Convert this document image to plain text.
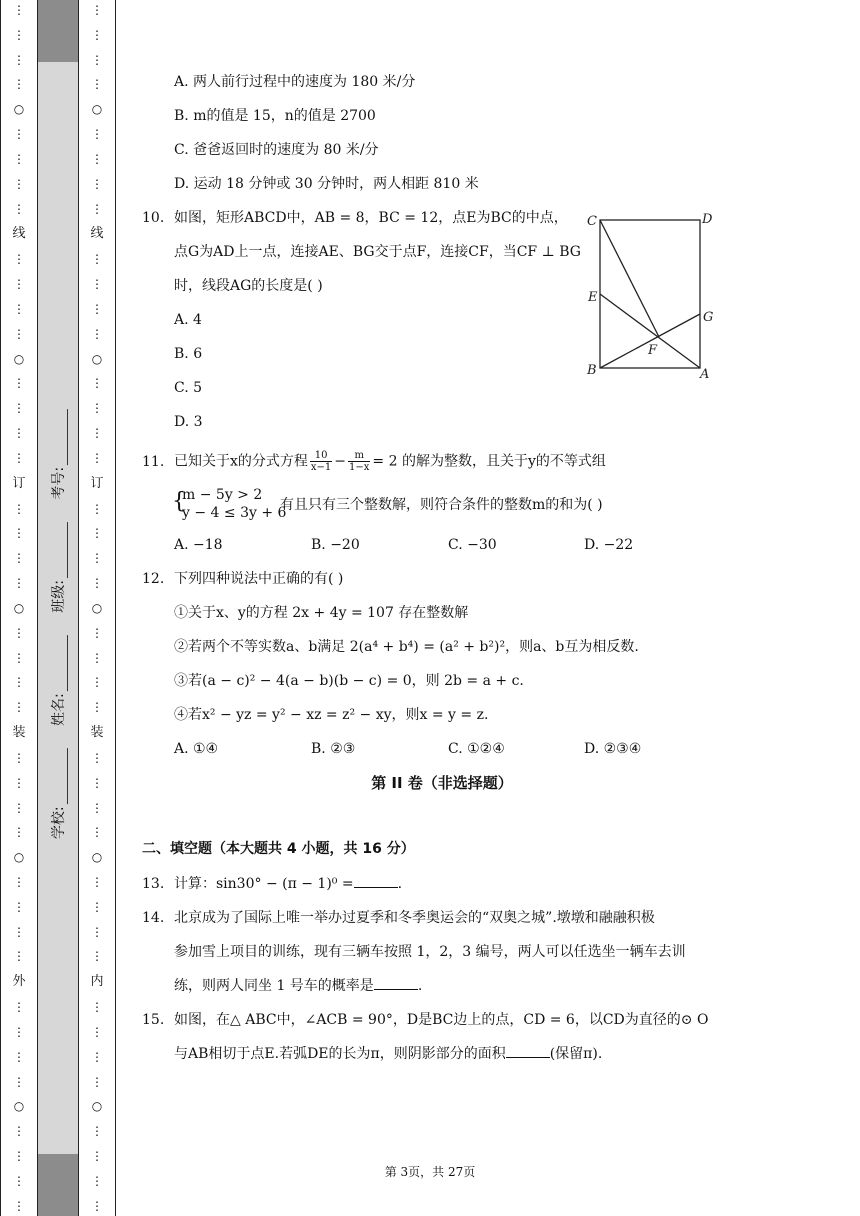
⋮
⋮
⋮
⋮
○
⋮
⋮
⋮
⋮
线
⋮
⋮
⋮
⋮
○
⋮
⋮
⋮
⋮
订
⋮
⋮
⋮
⋮
○
⋮
⋮
⋮
⋮
装
⋮
⋮
⋮
⋮
○
⋮
⋮
⋮
⋮
外
⋮
⋮
⋮
⋮
○
⋮
⋮
⋮
⋮
⋮
⋮
⋮
⋮
○
⋮
⋮
⋮
⋮
线
⋮
⋮
⋮
⋮
○
⋮
⋮
⋮
⋮
订
⋮
⋮
⋮
⋮
○
⋮
⋮
⋮
⋮
装
⋮
⋮
⋮
⋮
○
⋮
⋮
⋮
⋮
内
⋮
⋮
⋮
⋮
○
⋮
⋮
⋮
⋮
学校: 姓名: 班级: 考号:
A. 两人前行过程中的速度为 180 米/分
B. m的值是 15，n的值是 2700
C. 爸爸返回时的速度为 80 米/分
D. 运动 18 分钟或 30 分钟时，两人相距 810 米
10. 如图，矩形ABCD中，AB = 8，BC = 12，点E为BC的中点，
点G为AD上一点，连接AE、BG交于点F，连接CF，当CF ⊥ BG
时，线段AG的长度是( )
A. 4
B. 6
C. 5
D. 3
11. 已知关于x的分式方程 $\frac{10}{x-1} - \frac{m}{1-x} = 2$ 的解为整数，且关于y的不等式组
{
m − 5y > 2
y − 4 ≤ 3y + 6
有且只有三个整数解，则符合条件的整数m的和为( )
A. −18	B. −20	C. −30	D. −22
12. 下列四种说法中正确的有( )
①关于x、y的方程 2x + 4y = 107 存在整数解
②若两个不等实数a、b满足 2(a⁴ + b⁴) = (a² + b²)²，则a、b互为相反数.
③若(a − c)² − 4(a − b)(b − c) = 0，则 2b = a + c.
④若x² − yz = y² − xz = z² − xy，则x = y = z.
A. ①④	B. ②③	C. ①②④	D. ②③④
第 II 卷（非选择题）
二、填空题（本大题共 4 小题，共 16 分）
13. 计算：sin30° − (π − 1)⁰ =	.
14. 北京成为了国际上唯一举办过夏季和冬季奥运会的“双奥之城”.墩墩和融融积极
参加雪上项目的训练，现有三辆车按照 1，2，3 编号，两人可以任选坐一辆车去训
练，则两人同坐 1 号车的概率是	.
15. 如图，在△ ABC中，∠ACB = 90°，D是BC边上的点，CD = 6，以CD为直径的⊙ O
与AB相切于点E.若弧DE的长为π，则阴影部分的面积	(保留π).
C	D
E
G
F
B	A
第 3页，共 27页
